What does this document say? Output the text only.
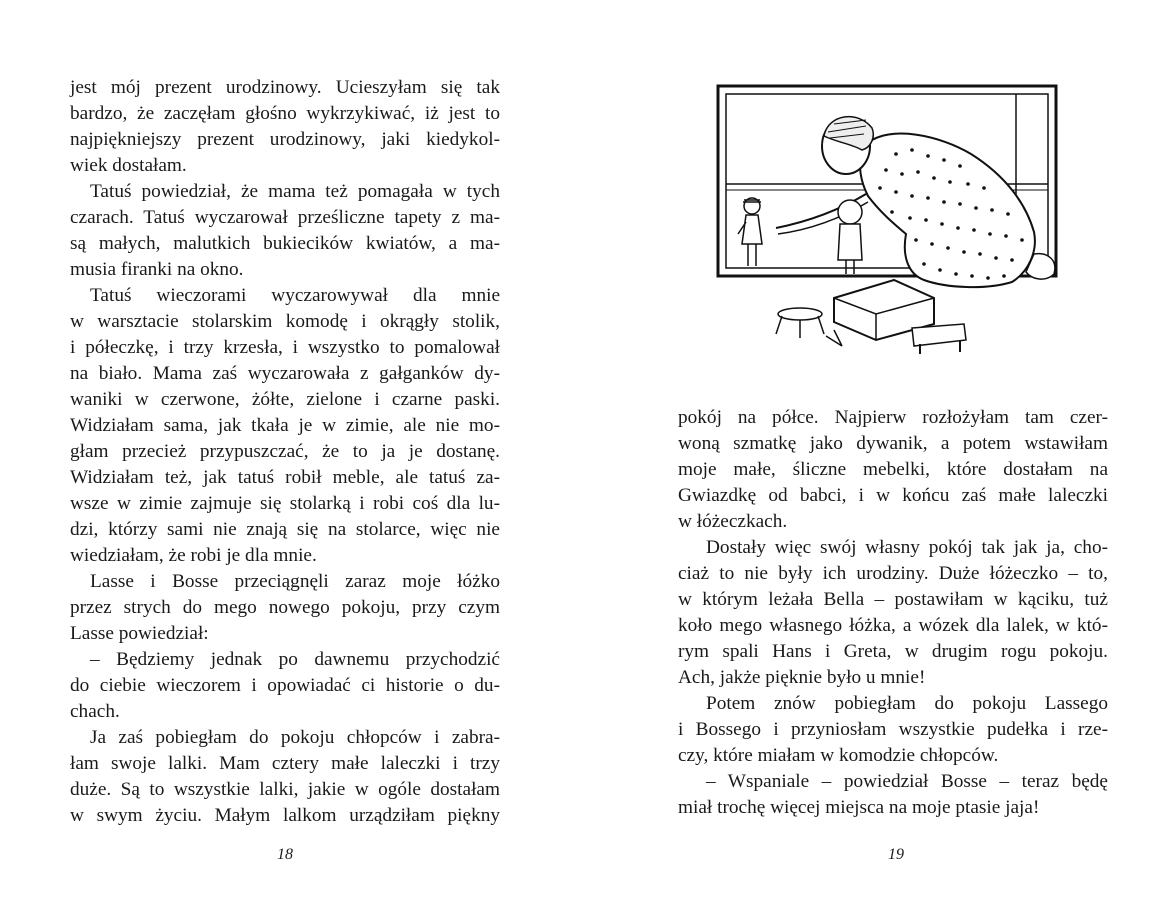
jest mój prezent urodzinowy. Ucieszyłam się tak
bardzo, że zaczęłam głośno wykrzykiwać, iż jest to
najpiękniejszy prezent urodzinowy, jaki kiedykol-
wiek dostałam.
Tatuś powiedział, że mama też pomagała w tych
czarach. Tatuś wyczarował prześliczne tapety z ma-
są małych, malutkich bukiecików kwiatów, a ma-
musia firanki na okno.
Tatuś wieczorami wyczarowywał dla mnie
w warsztacie stolarskim komodę i okrągły stolik,
i półeczkę, i trzy krzesła, i wszystko to pomalował
na biało. Mama zaś wyczarowała z gałganków dy-
waniki w czerwone, żółte, zielone i czarne paski.
Widziałam sama, jak tkała je w zimie, ale nie mo-
głam przecież przypuszczać, że to ja je dostanę.
Widziałam też, jak tatuś robił meble, ale tatuś za-
wsze w zimie zajmuje się stolarką i robi coś dla lu-
dzi, którzy sami nie znają się na stolarce, więc nie
wiedziałam, że robi je dla mnie.
Lasse i Bosse przeciągnęli zaraz moje łóżko
przez strych do mego nowego pokoju, przy czym
Lasse powiedział:
– Będziemy jednak po dawnemu przychodzić
do ciebie wieczorem i opowiadać ci historie o du-
chach.
Ja zaś pobiegłam do pokoju chłopców i zabra-
łam swoje lalki. Mam cztery małe laleczki i trzy
duże. Są to wszystkie lalki, jakie w ogóle dostałam
w swym życiu. Małym lalkom urządziłam piękny
18
pokój na półce. Najpierw rozłożyłam tam czer-
woną szmatkę jako dywanik, a potem wstawiłam
moje małe, śliczne mebelki, które dostałam na
Gwiazdkę od babci, i w końcu zaś małe laleczki
w łóżeczkach.
Dostały więc swój własny pokój tak jak ja, cho-
ciaż to nie były ich urodziny. Duże łóżeczko – to,
w którym leżała Bella – postawiłam w kąciku, tuż
koło mego własnego łóżka, a wózek dla lalek, w któ-
rym spali Hans i Greta, w drugim rogu pokoju.
Ach, jakże pięknie było u mnie!
Potem znów pobiegłam do pokoju Lassego
i Bossego i przyniosłam wszystkie pudełka i rze-
czy, które miałam w komodzie chłopców.
– Wspaniale – powiedział Bosse – teraz będę
miał trochę więcej miejsca na moje ptasie jaja!
19
